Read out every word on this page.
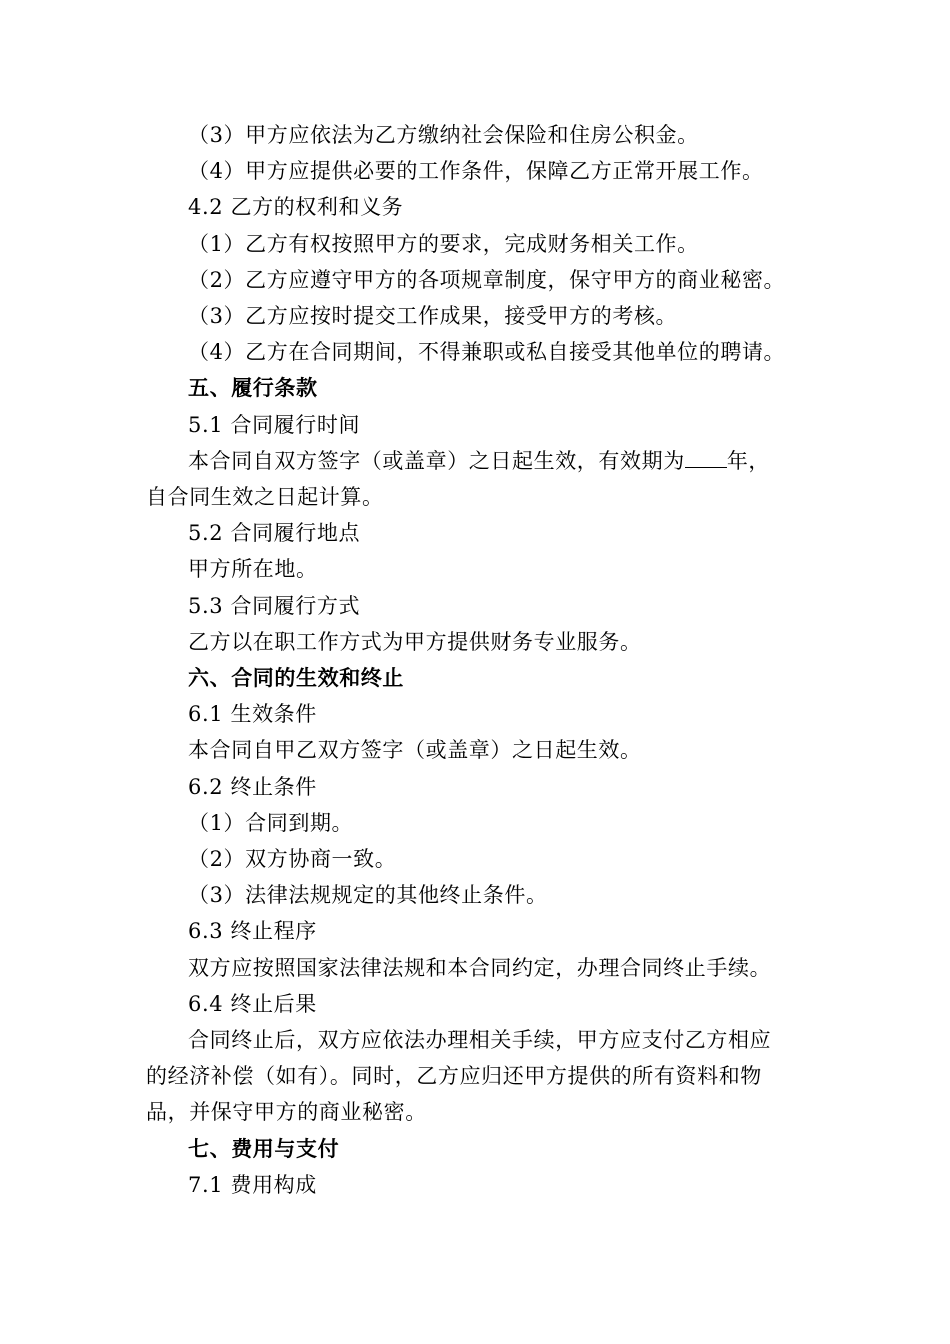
（3）甲方应依法为乙方缴纳社会保险和住房公积金。

（4）甲方应提供必要的工作条件，保障乙方正常开展工作。

4.2 乙方的权利和义务

（1）乙方有权按照甲方的要求，完成财务相关工作。

（2）乙方应遵守甲方的各项规章制度，保守甲方的商业秘密。

（3）乙方应按时提交工作成果，接受甲方的考核。

（4）乙方在合同期间，不得兼职或私自接受其他单位的聘请。

五、履行条款

5.1 合同履行时间

本合同自双方签字（或盖章）之日起生效，有效期为 年，

自合同生效之日起计算。

5.2 合同履行地点

甲方所在地。

5.3 合同履行方式

乙方以在职工作方式为甲方提供财务专业服务。

六、合同的生效和终止

6.1 生效条件

本合同自甲乙双方签字（或盖章）之日起生效。

6.2 终止条件

（1）合同到期。

（2）双方协商一致。

（3）法律法规规定的其他终止条件。

6.3 终止程序

双方应按照国家法律法规和本合同约定，办理合同终止手续。

6.4 终止后果

合同终止后，双方应依法办理相关手续，甲方应支付乙方相应

的经济补偿（如有）。同时，乙方应归还甲方提供的所有资料和物

品，并保守甲方的商业秘密。

七、费用与支付

7.1 费用构成
